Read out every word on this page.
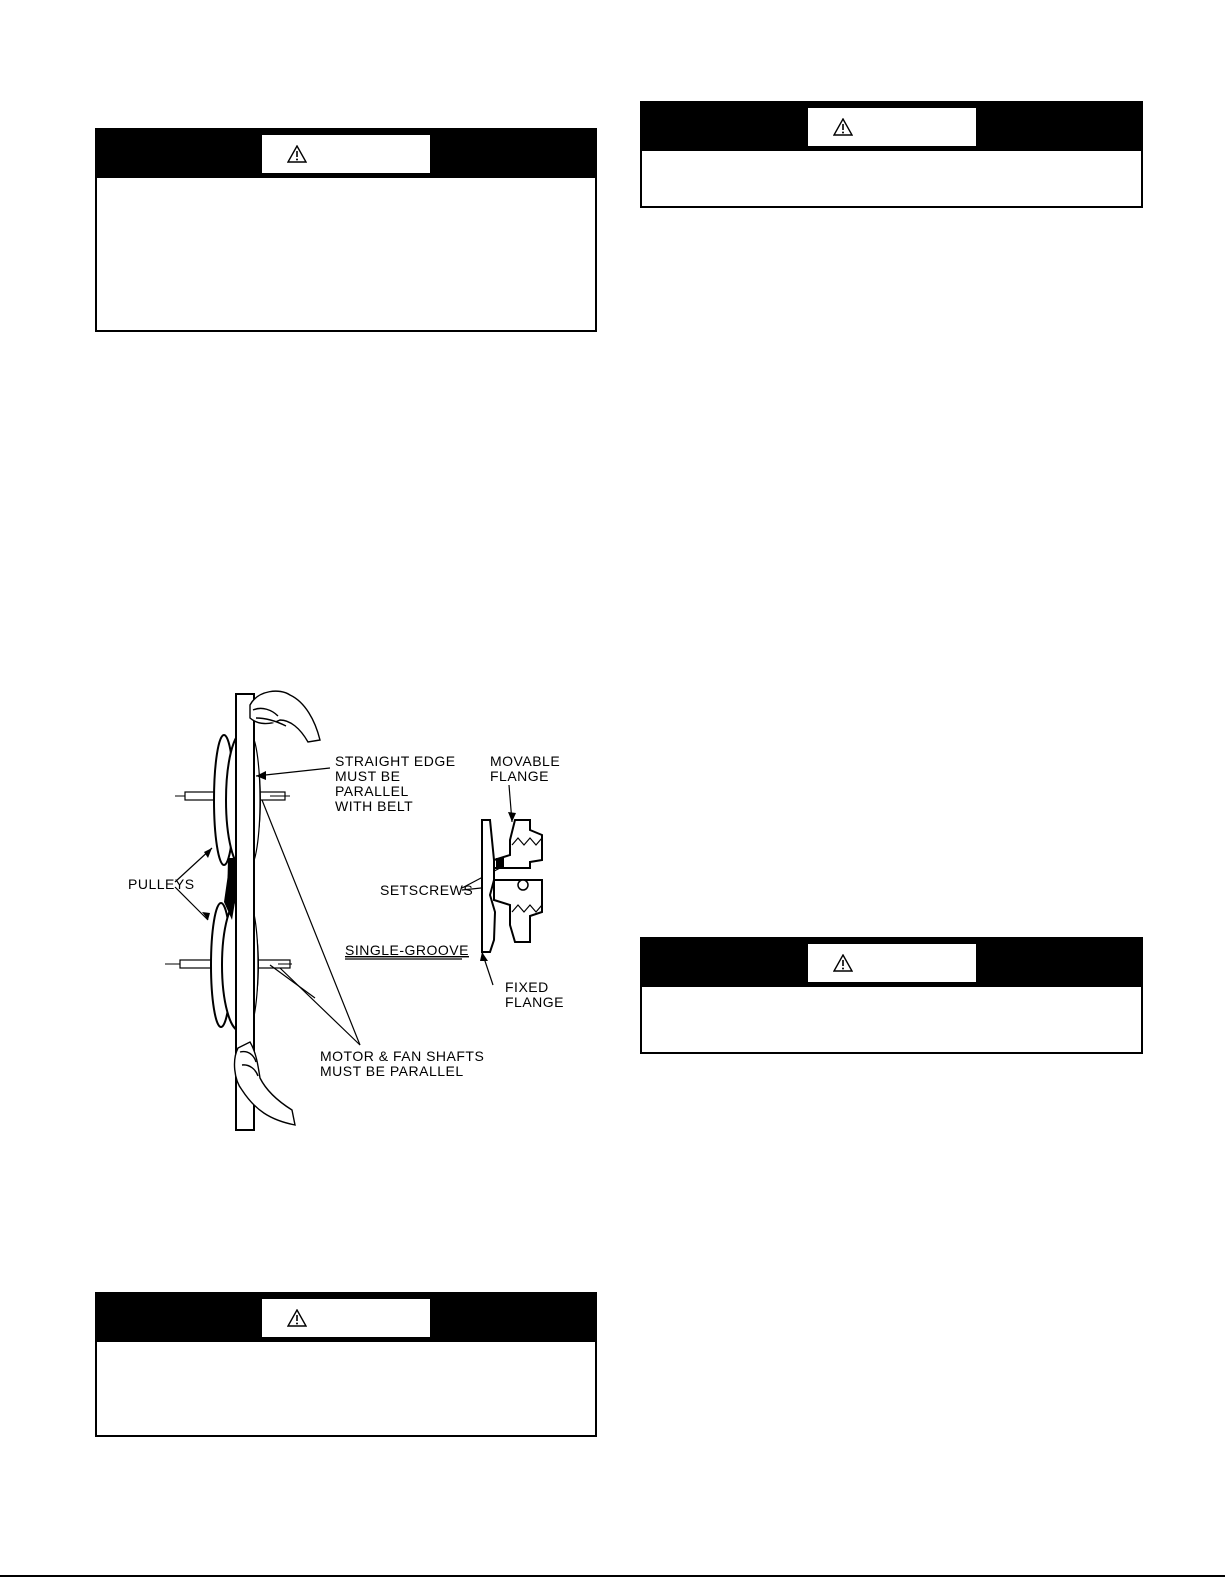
STRAIGHT EDGE
MUST BE
PARALLEL
WITH BELT
MOVABLE
FLANGE
PULLEYS	SETSCREWS
SINGLE-GROOVE
FIXED
FLANGE
MOTOR & FAN SHAFTS
MUST BE PARALLEL
